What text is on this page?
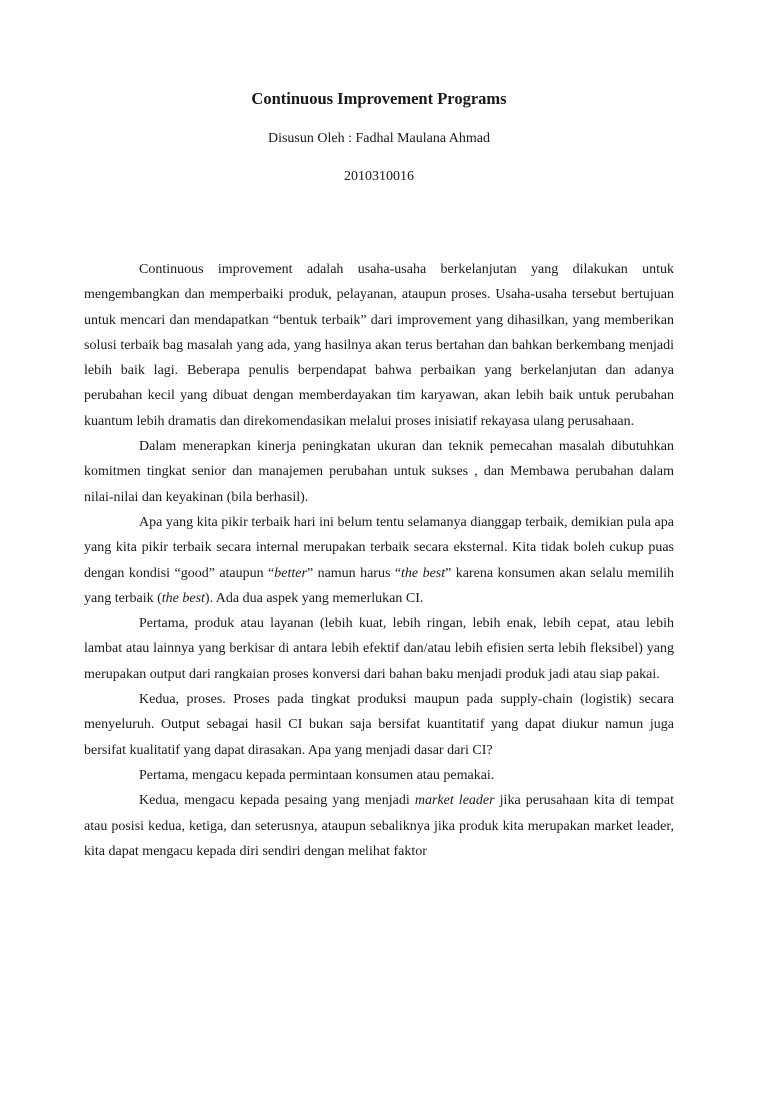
Continuous Improvement Programs

Disusun Oleh : Fadhal Maulana Ahmad

2010310016

Continuous improvement adalah usaha-usaha berkelanjutan yang dilakukan untuk mengembangkan dan memperbaiki produk, pelayanan, ataupun proses. Usaha-usaha tersebut bertujuan untuk mencari dan mendapatkan “bentuk terbaik” dari improvement yang dihasilkan, yang memberikan solusi terbaik bag masalah yang ada, yang hasilnya akan terus bertahan dan bahkan berkembang menjadi lebih baik lagi. Beberapa penulis berpendapat bahwa perbaikan yang berkelanjutan dan adanya perubahan kecil yang dibuat dengan memberdayakan tim karyawan, akan lebih baik untuk perubahan kuantum lebih dramatis dan direkomendasikan melalui proses inisiatif rekayasa ulang perusahaan.

Dalam menerapkan kinerja peningkatan ukuran dan teknik pemecahan masalah dibutuhkan komitmen tingkat senior dan manajemen perubahan untuk sukses , dan Membawa perubahan dalam nilai-nilai dan keyakinan (bila berhasil).

Apa yang kita pikir terbaik hari ini belum tentu selamanya dianggap terbaik, demikian pula apa yang kita pikir terbaik secara internal merupakan terbaik secara eksternal. Kita tidak boleh cukup puas dengan kondisi “good” ataupun “better” namun harus “the best” karena konsumen akan selalu memilih yang terbaik (the best). Ada dua aspek yang memerlukan CI.

Pertama, produk atau layanan (lebih kuat, lebih ringan, lebih enak, lebih cepat, atau lebih lambat atau lainnya yang berkisar di antara lebih efektif dan/atau lebih efisien serta lebih fleksibel) yang merupakan output dari rangkaian proses konversi dari bahan baku menjadi produk jadi atau siap pakai.

Kedua, proses. Proses pada tingkat produksi maupun pada supply-chain (logistik) secara menyeluruh. Output sebagai hasil CI bukan saja bersifat kuantitatif yang dapat diukur namun juga bersifat kualitatif yang dapat dirasakan. Apa yang menjadi dasar dari CI?

Pertama, mengacu kepada permintaan konsumen atau pemakai.

Kedua, mengacu kepada pesaing yang menjadi market leader jika perusahaan kita di tempat atau posisi kedua, ketiga, dan seterusnya, ataupun sebaliknya jika produk kita merupakan market leader, kita dapat mengacu kepada diri sendiri dengan melihat faktor
